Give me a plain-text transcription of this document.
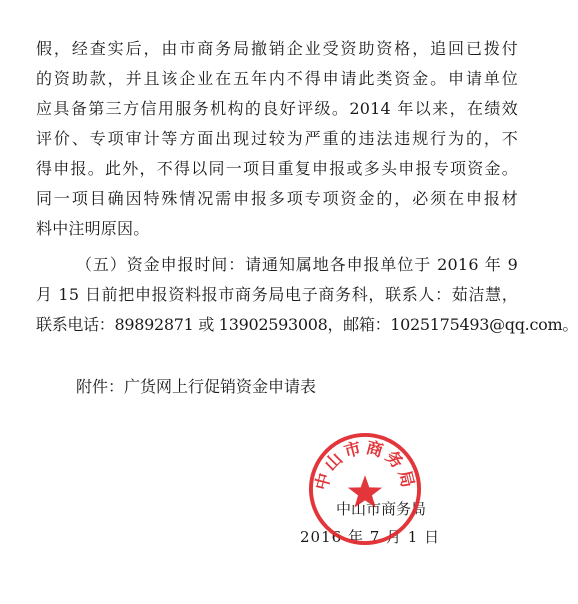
假，经查实后，由市商务局撤销企业受资助资格，追回已拨付
的资助款，并且该企业在五年内不得申请此类资金。申请单位
应具备第三方信用服务机构的良好评级。2014 年以来，在绩效
评价、专项审计等方面出现过较为严重的违法违规行为的，不
得申报。此外，不得以同一项目重复申报或多头申报专项资金。
同一项目确因特殊情况需申报多项专项资金的，必须在申报材
料中注明原因。
（五）资金申报时间：请通知属地各申报单位于 2016 年 9
月 15 日前把申报资料报市商务局电子商务科，联系人：茹洁慧，
联系电话：89892871 或 13902593008，邮箱：1025175493@qq.com。
附件：广货网上行促销资金申请表
中山市商务局
2016 年 7 月 1 日
中山市商务局
